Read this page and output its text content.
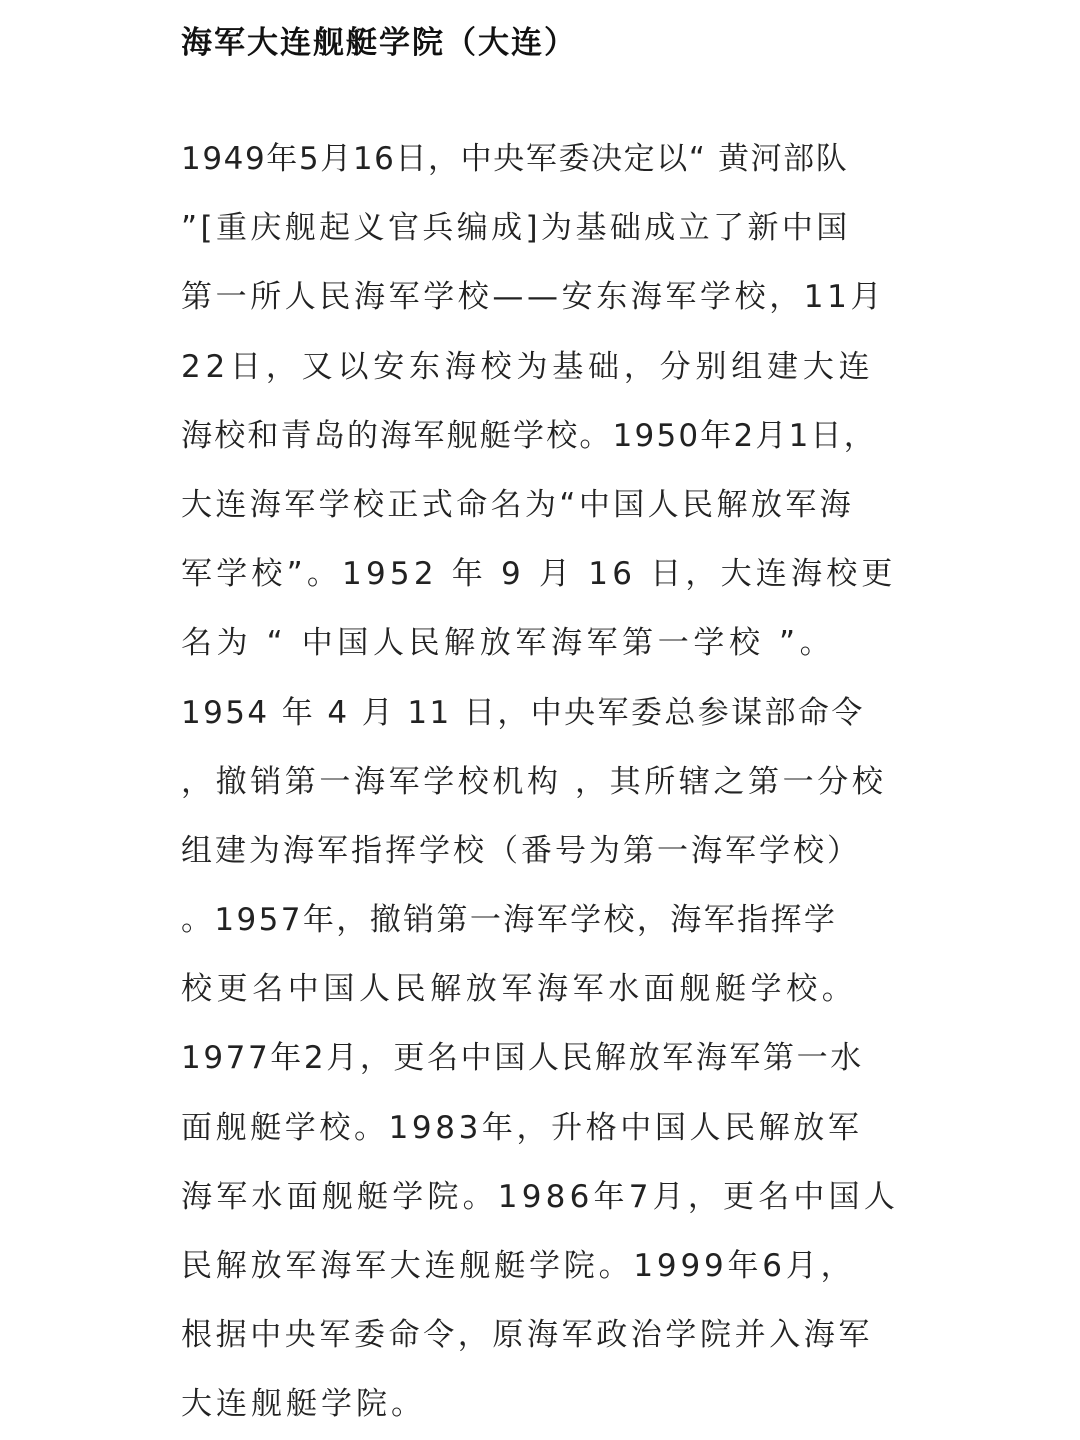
海军大连舰艇学院（大连）
1949年5月16日，中央军委决定以“ 黄河部队
”[重庆舰起义官兵编成]为基础成立了新中国
第一所人民海军学校——安东海军学校，11月
22日，又以安东海校为基础，分别组建大连
海校和青岛的海军舰艇学校。1950年2月1日，
大连海军学校正式命名为“中国人民解放军海
军学校”。1952 年 9 月 16 日，大连海校更
名为 “ 中国人民解放军海军第一学校 ”。
1954 年 4 月 11 日，中央军委总参谋部命令
，撤销第一海军学校机构 ，其所辖之第一分校
组建为海军指挥学校（番号为第一海军学校）
。1957年，撤销第一海军学校，海军指挥学
校更名中国人民解放军海军水面舰艇学校。
1977年2月，更名中国人民解放军海军第一水
面舰艇学校。1983年，升格中国人民解放军
海军水面舰艇学院。1986年7月，更名中国人
民解放军海军大连舰艇学院。1999年6月，
根据中央军委命令，原海军政治学院并入海军
大连舰艇学院。
